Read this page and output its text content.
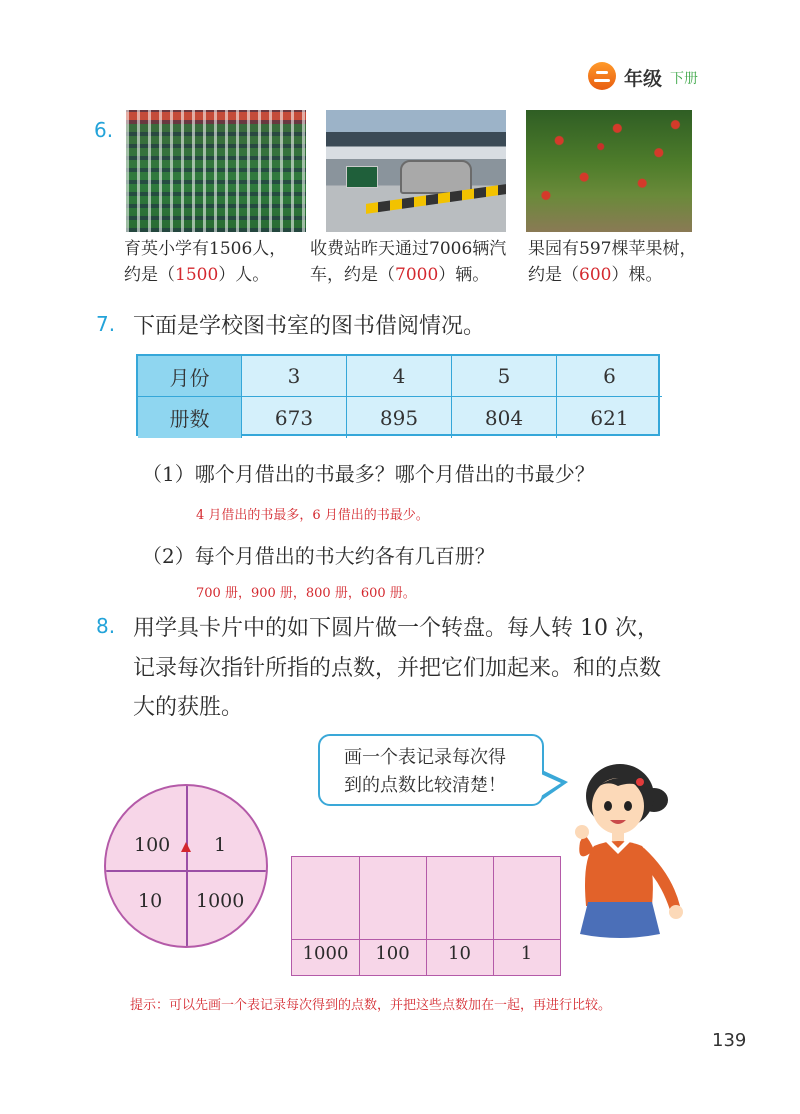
年级 下册
6.
育英小学有1506人，
约是（1500）人。
收费站昨天通过7006辆汽
车，约是（7000）辆。
果园有597棵苹果树，
约是（600）棵。
7. 下面是学校图书室的图书借阅情况。
月份	3	4	5	6
册数	673	895	804	621
（1）哪个月借出的书最多？哪个月借出的书最少？
4 月借出的书最多，6 月借出的书最少。
（2）每个月借出的书大约各有几百册？
700 册，900 册，800 册，600 册。
8. 用学具卡片中的如下圆片做一个转盘。每人转 10 次，
记录每次指针所指的点数，并把它们加起来。和的点数
大的获胜。
画一个表记录每次得
到的点数比较清楚！
100 1
10 1000
1000	100	10	1
提示：可以先画一个表记录每次得到的点数，并把这些点数加在一起，再进行比较。
139
